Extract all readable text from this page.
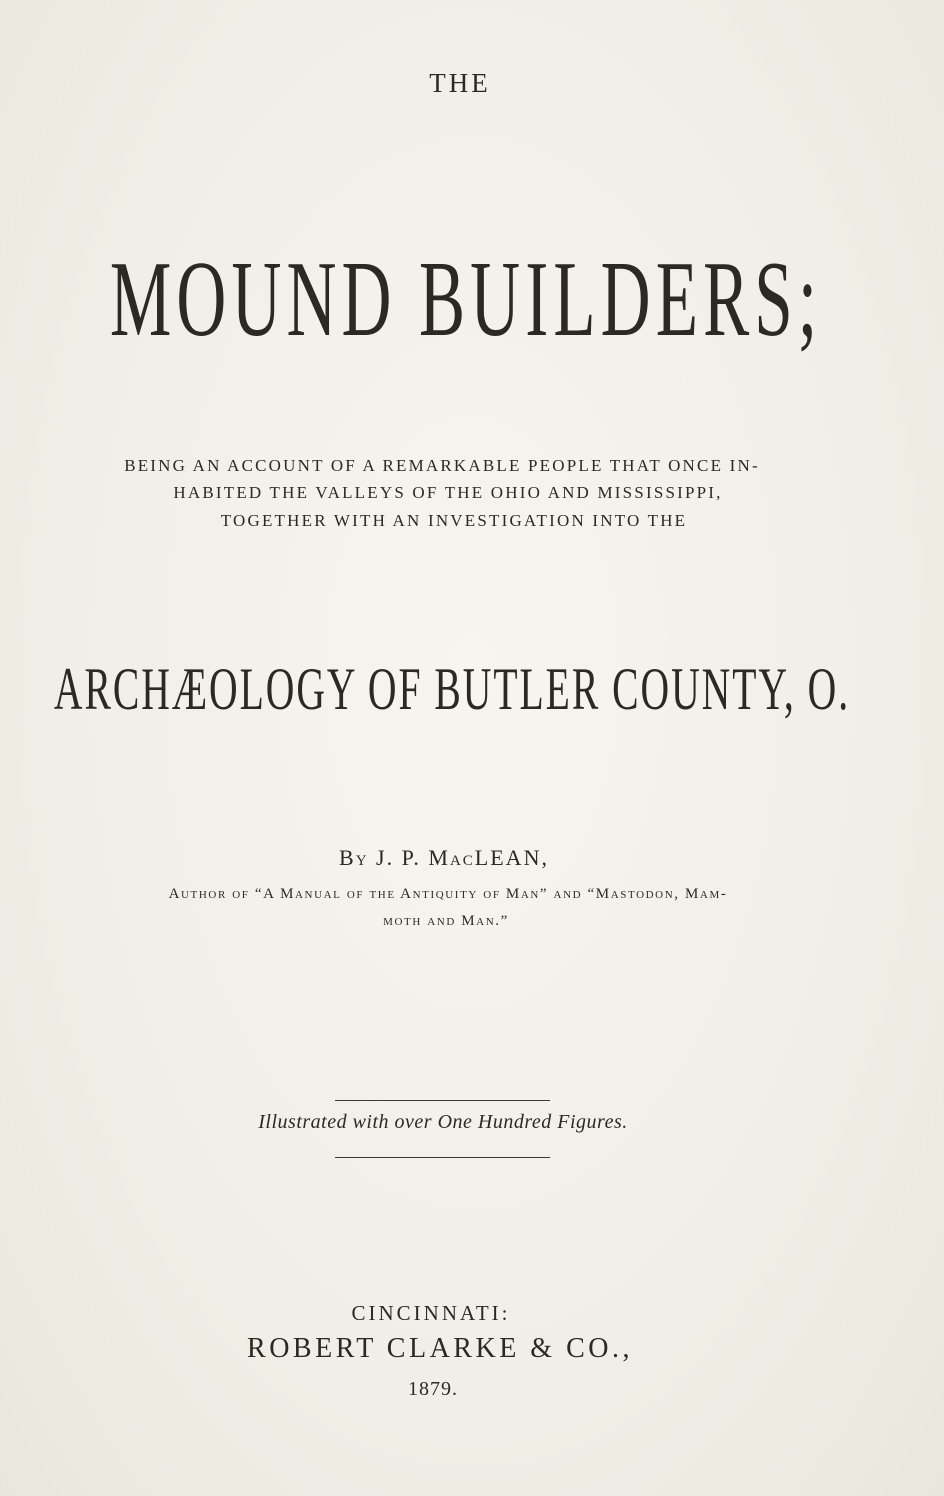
THE
MOUND BUILDERS;
BEING AN ACCOUNT OF A REMARKABLE PEOPLE THAT ONCE IN-
HABITED THE VALLEYS OF THE OHIO AND MISSISSIPPI,
TOGETHER WITH AN INVESTIGATION INTO THE
ARCHÆOLOGY OF BUTLER COUNTY, O.
By J. P. MacLEAN,
Author of “A Manual of the Antiquity of Man” and “Mastodon, Mam-
moth and Man.”
Illustrated with over One Hundred Figures.
CINCINNATI:
ROBERT CLARKE & CO.,
1879.
